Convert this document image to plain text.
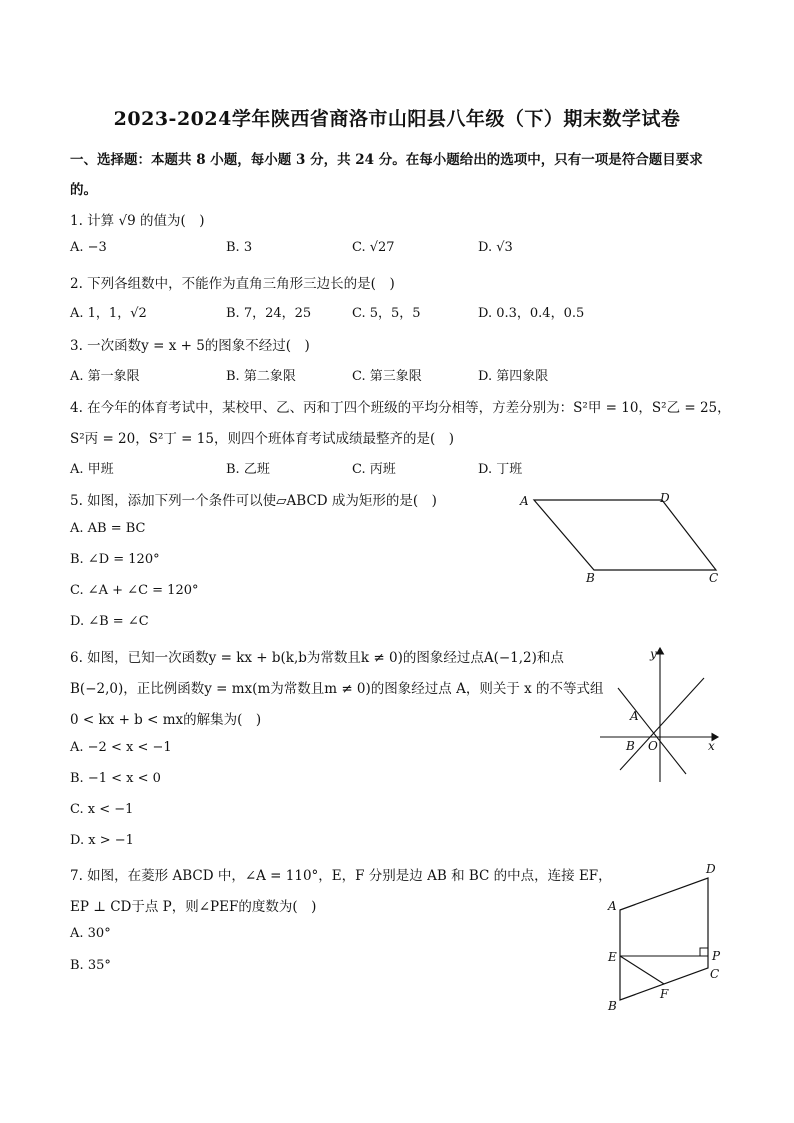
2023-2024学年陕西省商洛市山阳县八年级（下）期末数学试卷
一、选择题：本题共 8 小题，每小题 3 分，共 24 分。在每小题给出的选项中，只有一项是符合题目要求
的。
1. 计算 √9 的值为(　)
A. −3	B. 3	C. √27	D. √3
2. 下列各组数中，不能作为直角三角形三边长的是(　)
A. 1，1，√2	B. 7，24，25	C. 5，5，5	D. 0.3，0.4，0.5
3. 一次函数y = x + 5的图象不经过(　)
A. 第一象限	B. 第二象限	C. 第三象限	D. 第四象限
4. 在今年的体育考试中，某校甲、乙、丙和丁四个班级的平均分相等，方差分别为：S²甲 = 10，S²乙 = 25，
S²丙 = 20，S²丁 = 15，则四个班体育考试成绩最整齐的是(　)
A. 甲班	B. 乙班	C. 丙班	D. 丁班
5. 如图，添加下列一个条件可以使▱ABCD 成为矩形的是(　)
A. AB = BC
B. ∠D = 120°
C. ∠A + ∠C = 120°
D. ∠B = ∠C
A	D
B	C
6. 如图，已知一次函数y = kx + b(k,b为常数且k ≠ 0)的图象经过点A(−1,2)和点
B(−2,0)，正比例函数y = mx(m为常数且m ≠ 0)的图象经过点 A，则关于 x 的不等式组
0 < kx + b < mx的解集为(　)
A. −2 < x < −1
B. −1 < x < 0
C. x < −1
D. x > −1
y
x
A
B O
7. 如图，在菱形 ABCD 中，∠A = 110°，E，F 分别是边 AB 和 BC 的中点，连接 EF，
EP ⊥ CD于点 P，则∠PEF的度数为(　)
A. 30°
B. 35°
D
A
E	P
C
F
B
